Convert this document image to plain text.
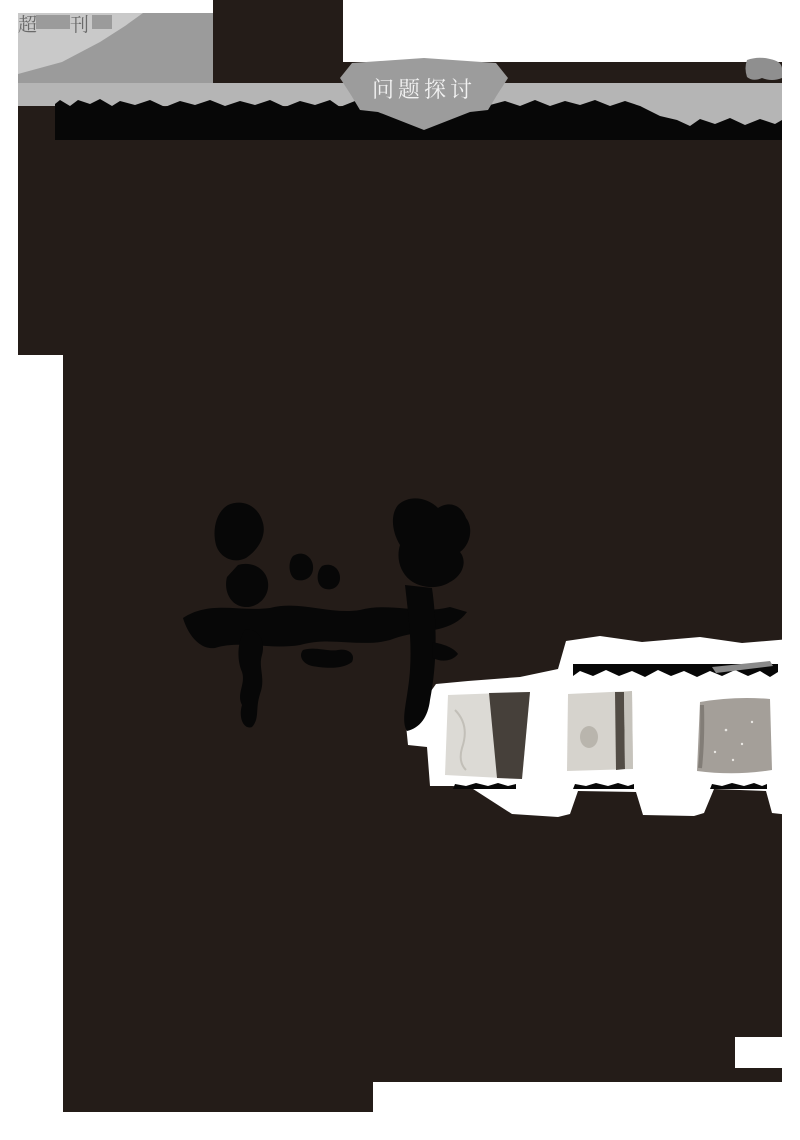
问题探讨
超 刊
